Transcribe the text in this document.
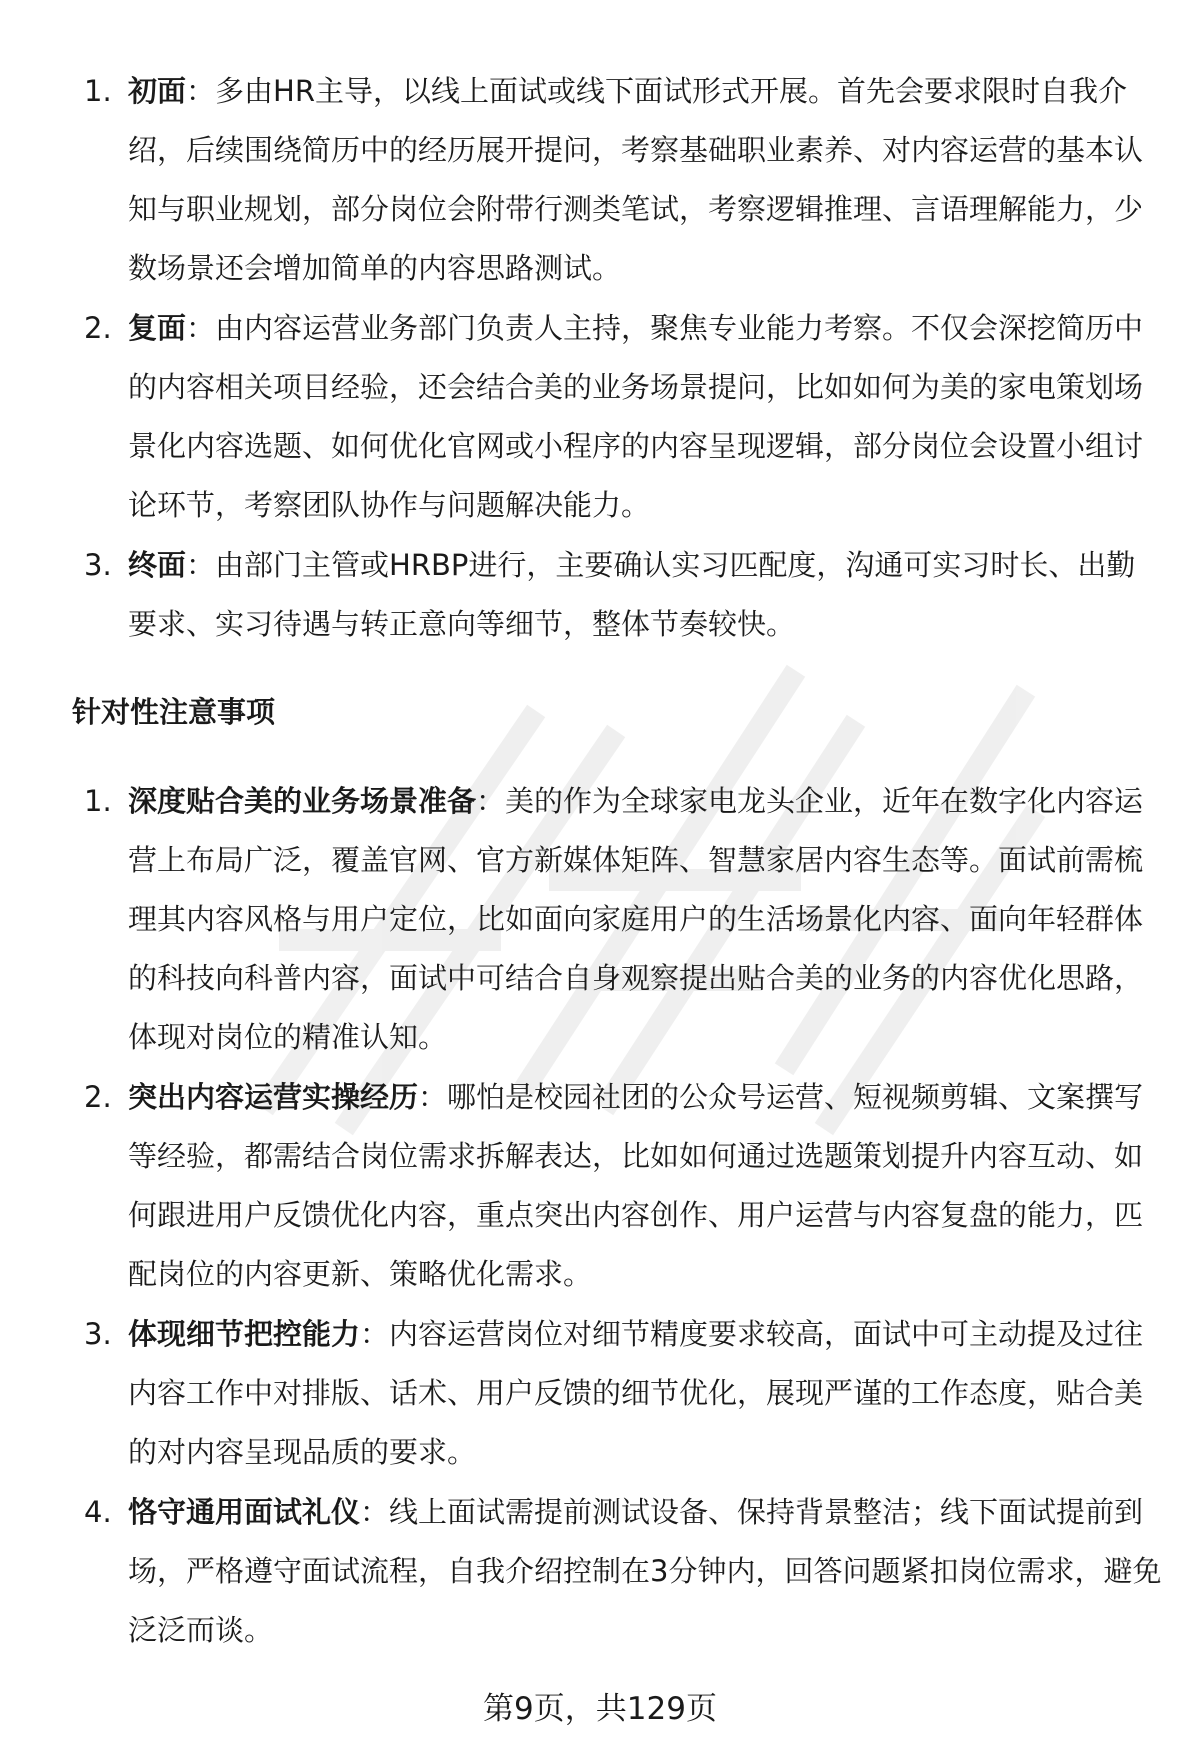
1. 初面：多由HR主导，以线上面试或线下面试形式开展。首先会要求限时自我介绍，后续围绕简历中的经历展开提问，考察基础职业素养、对内容运营的基本认知与职业规划，部分岗位会附带行测类笔试，考察逻辑推理、言语理解能力，少数场景还会增加简单的内容思路测试。
2. 复面：由内容运营业务部门负责人主持，聚焦专业能力考察。不仅会深挖简历中的内容相关项目经验，还会结合美的业务场景提问，比如如何为美的家电策划场景化内容选题、如何优化官网或小程序的内容呈现逻辑，部分岗位会设置小组讨论环节，考察团队协作与问题解决能力。
3. 终面：由部门主管或HRBP进行，主要确认实习匹配度，沟通可实习时长、出勤要求、实习待遇与转正意向等细节，整体节奏较快。
针对性注意事项
1. 深度贴合美的业务场景准备：美的作为全球家电龙头企业，近年在数字化内容运营上布局广泛，覆盖官网、官方新媒体矩阵、智慧家居内容生态等。面试前需梳理其内容风格与用户定位，比如面向家庭用户的生活场景化内容、面向年轻群体的科技向科普内容，面试中可结合自身观察提出贴合美的业务的内容优化思路，体现对岗位的精准认知。
2. 突出内容运营实操经历：哪怕是校园社团的公众号运营、短视频剪辑、文案撰写等经验，都需结合岗位需求拆解表达，比如如何通过选题策划提升内容互动、如何跟进用户反馈优化内容，重点突出内容创作、用户运营与内容复盘的能力，匹配岗位的内容更新、策略优化需求。
3. 体现细节把控能力：内容运营岗位对细节精度要求较高，面试中可主动提及过往内容工作中对排版、话术、用户反馈的细节优化，展现严谨的工作态度，贴合美的对内容呈现品质的要求。
4. 恪守通用面试礼仪：线上面试需提前测试设备、保持背景整洁；线下面试提前到场，严格遵守面试流程，自我介绍控制在3分钟内，回答问题紧扣岗位需求，避免泛泛而谈。
第9页，共129页
